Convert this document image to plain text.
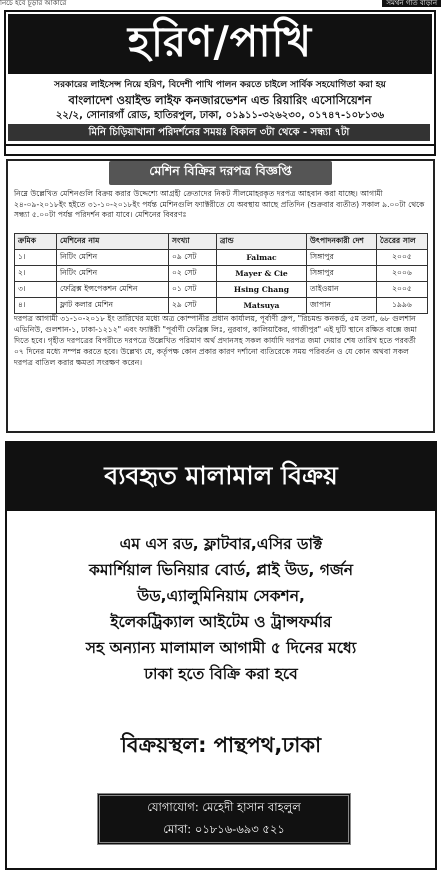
নিচে হবে চূড়ার আকারে	সমর্থন গতি বাড়ান
হরিণ/পাখি
সরকারের লাইসেন্স নিয়ে হরিণ, বিদেশী পাখি পালন করতে চাইলে সার্বিক সহযোগিতা করা হয়
বাংলাদেশ ওয়াইল্ড লাইফ কনজারভেশন এন্ড রিয়ারিং এসোসিয়েশন
২২/২, সোনারগাঁ রোড, হাতিরপুল, ঢাকা, ০১৯১১-৩২৬২৩০, ০১৭৪৭-১০৮১৩৬
মিনি চিড়িয়াখানা পরিদর্শনের সময়ঃ বিকাল ৩টা থেকে - সন্ধ্যা ৭টা
মেশিন বিক্রির দরপত্র বিজ্ঞপ্তি
নিম্নে উল্লেখিত মেশিনগুলি বিক্রয় করার উদ্দেশ্যে আগ্রহী ক্রেতাদের নিকট সীলমোহরকৃত দরপত্র আহবান করা যাচ্ছে। আগামী ২৪-০৯-২০১৮ইং হইতে ৩১-১০-২০১৮ইং পর্যন্ত মেশিনগুলি ফ্যাক্টরীতে যে অবস্থায় আছে প্রতিদিন (শুক্রবার ব্যতীত) সকাল ৯.০০টা থেকে সন্ধ্যা ৫.০০টা পর্যন্ত পরিদর্শন করা যাবে। মেশিনের বিবরণঃ
ক্রমিক	মেশিনের নাম	সংখ্যা	ব্রান্ড	উৎপাদনকারী দেশ	তৈরের সাল
১।	নিটিং মেশিন	০৯ সেট	Falmac	সিঙ্গাপুর	২০০৫
২।	নিটিং মেশিন	০২ সেট	Mayer & Cie	সিঙ্গাপুর	২০০৬
৩।	ফেব্রিক্স ইন্সপেকশন মেশিন	০১ সেট	Hsing Chang	তাইওয়ান	২০০৫
৪।	ফ্লাট কলার মেশিন	২৯ সেট	Matsuya	জাপান	১৯৯৬
দরপত্র আগামী ৩১-১০-২০১৮ ইং তারিখের মধ্যে অত্র কোম্পানীর প্রধান কার্যালয়, পূর্বাণী গ্রুপ, "রিচমন্ড কনকর্ড, ৫ম তলা, ৬৮ গুলশান এভিনিউ, গুলশান-১, ঢাকা-১২১২" এবং ফ্যাক্টরী "পূর্বাণী ফেব্রিক্স লিঃ, নুরবাগ, কালিয়াকৈর, গাজীপুর" এই দুটি স্থানে রক্ষিত বাক্সে জমা দিতে হবে। গৃহীত দরপত্রের বিপরীতে দরপত্রে উল্লেখিত পরিমাণ অর্থ প্রদানসহ সকল কার্যাদি দরপত্র জমা দেয়ার শেষ তারিখ হতে পরবর্তী ০৭ দিনের মধ্যে সম্পন্ন করতে হবে। উল্লেখ্য যে, কর্তৃপক্ষ কোন প্রকার কারণ দর্শানো ব্যতিরেকে সময় পরিবর্তন ও যে কোন অথবা সকল দরপত্র বাতিল করার ক্ষমতা সংরক্ষণ করেন।
ব্যবহৃত মালামাল বিক্রয়
এম এস রড, ফ্লাটবার,এসির ডাক্ট
কমার্শিয়াল ভিনিয়ার বোর্ড, প্লাই উড, গর্জন
উড,এ্যালুমিনিয়াম সেকশন,
ইলেকট্রিক্যাল আইটেম ও ট্রান্সফর্মার
সহ অন্যান্য মালামাল আগামী ৫ দিনের মধ্যে
ঢাকা হতে বিক্রি করা হবে
বিক্রয়স্থল: পান্থপথ,ঢাকা
যোগাযোগ: মেহেদী হাসান বাহলুল
মোবা: ০১৮১৬-৬৯৩ ৫২১
